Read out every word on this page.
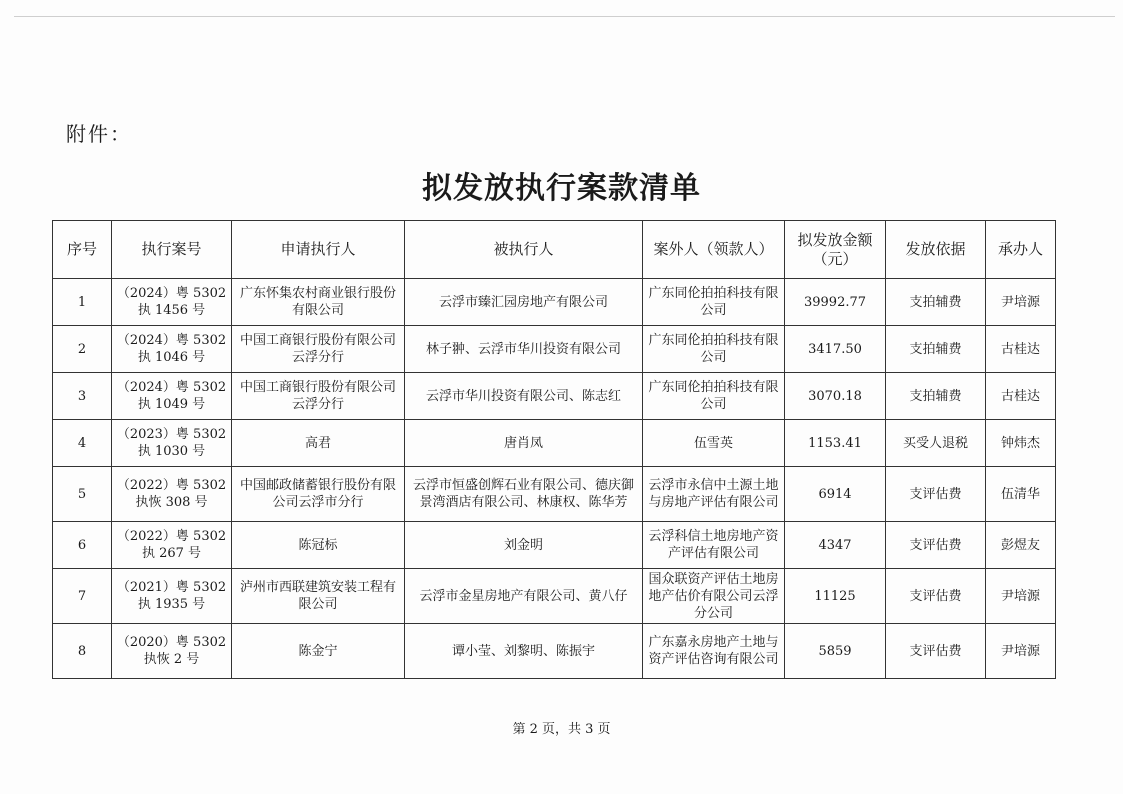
附件：
拟发放执行案款清单
序号	执行案号	申请执行人	被执行人	案外人（领款人）	拟发放金额（元）	发放依据	承办人
1	（2024）粤 5302 执 1456 号	广东怀集农村商业银行股份有限公司	云浮市臻汇园房地产有限公司	广东同伦拍拍科技有限公司	39992.77	支拍辅费	尹培源
2	（2024）粤 5302 执 1046 号	中国工商银行股份有限公司云浮分行	林子翀、云浮市华川投资有限公司	广东同伦拍拍科技有限公司	3417.50	支拍辅费	古桂达
3	（2024）粤 5302 执 1049 号	中国工商银行股份有限公司云浮分行	云浮市华川投资有限公司、陈志红	广东同伦拍拍科技有限公司	3070.18	支拍辅费	古桂达
4	（2023）粤 5302 执 1030 号	高君	唐肖凤	伍雪英	1153.41	买受人退税	钟炜杰
5	（2022）粤 5302 执恢 308 号	中国邮政储蓄银行股份有限公司云浮市分行	云浮市恒盛创辉石业有限公司、德庆御景湾酒店有限公司、林康权、陈华芳	云浮市永信中土源土地与房地产评估有限公司	6914	支评估费	伍清华
6	（2022）粤 5302 执 267 号	陈冠标	刘金明	云浮科信土地房地产资产评估有限公司	4347	支评估费	彭煜友
7	（2021）粤 5302 执 1935 号	泸州市西联建筑安装工程有限公司	云浮市金星房地产有限公司、黄八仔	国众联资产评估土地房地产估价有限公司云浮分公司	11125	支评估费	尹培源
8	（2020）粤 5302 执恢 2 号	陈金宁	谭小莹、刘黎明、陈振宇	广东嘉永房地产土地与资产评估咨询有限公司	5859	支评估费	尹培源
第 2 页，共 3 页
